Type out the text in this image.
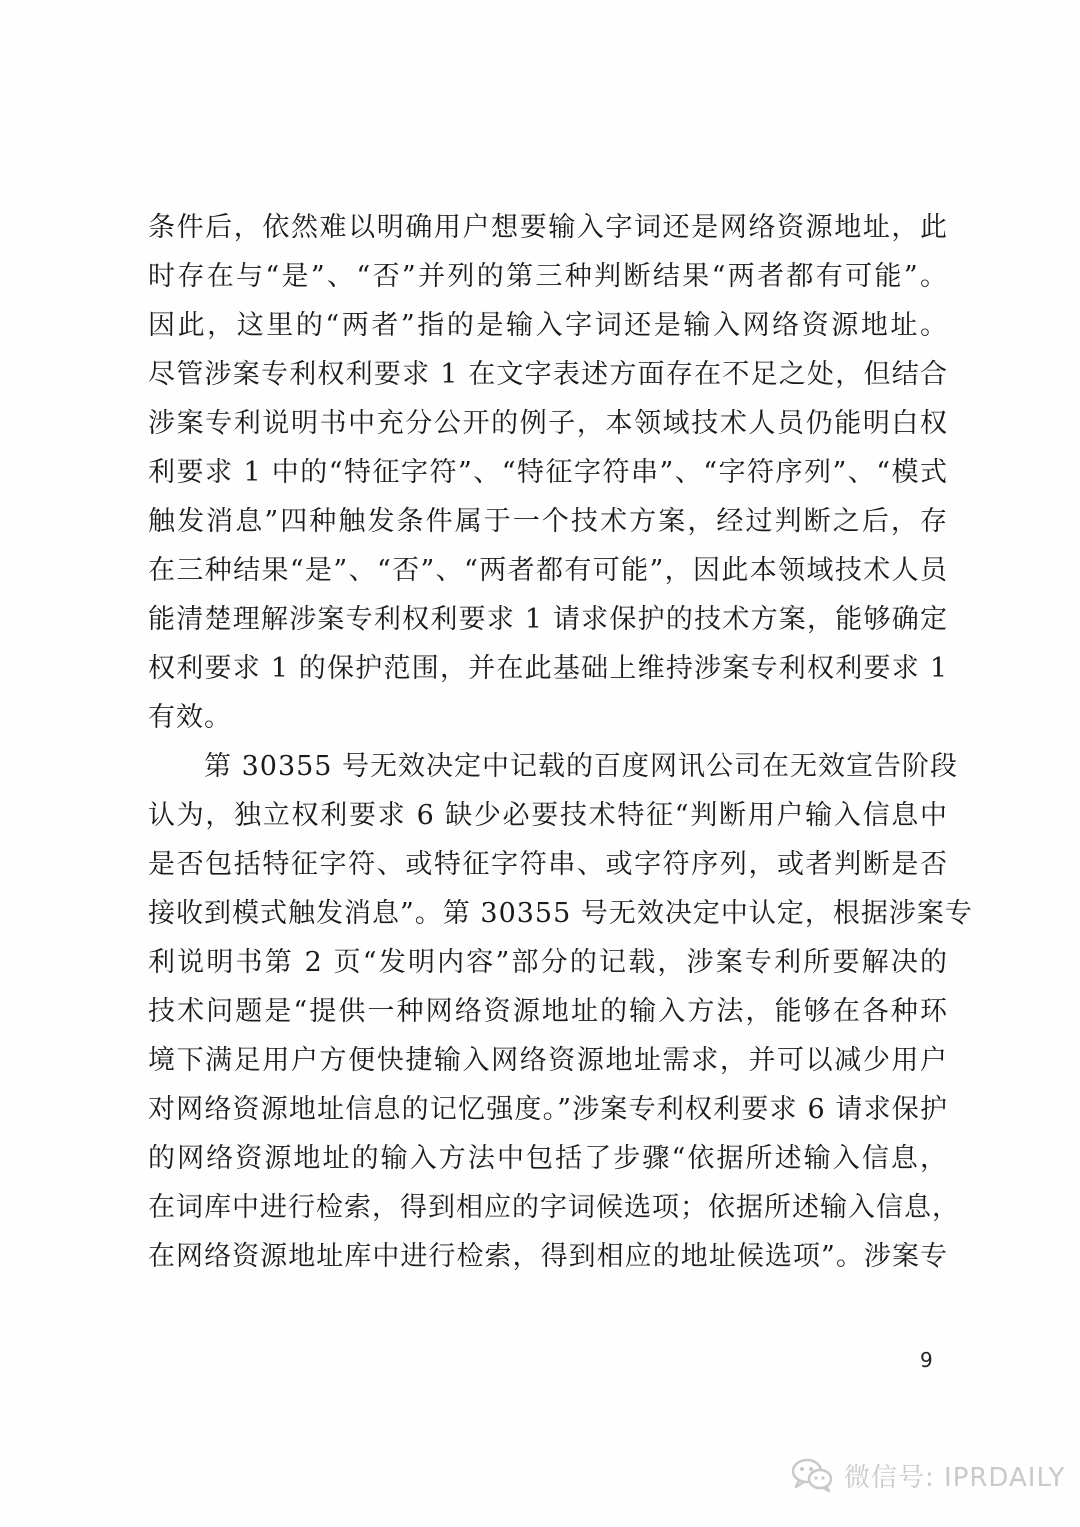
条件后，依然难以明确用户想要输入字词还是网络资源地址，此
时存在与“是”、“否”并列的第三种判断结果“两者都有可能”。
因此，这里的“两者”指的是输入字词还是输入网络资源地址。
尽管涉案专利权利要求 1 在文字表述方面存在不足之处，但结合
涉案专利说明书中充分公开的例子，本领域技术人员仍能明白权
利要求 1 中的“特征字符”、“特征字符串”、“字符序列”、“模式
触发消息”四种触发条件属于一个技术方案，经过判断之后，存
在三种结果“是”、“否”、“两者都有可能”，因此本领域技术人员
能清楚理解涉案专利权利要求 1 请求保护的技术方案，能够确定
权利要求 1 的保护范围，并在此基础上维持涉案专利权利要求 1
有效。
第 30355 号无效决定中记载的百度网讯公司在无效宣告阶段
认为，独立权利要求 6 缺少必要技术特征“判断用户输入信息中
是否包括特征字符、或特征字符串、或字符序列，或者判断是否
接收到模式触发消息”。第 30355 号无效决定中认定，根据涉案专
利说明书第 2 页“发明内容”部分的记载，涉案专利所要解决的
技术问题是“提供一种网络资源地址的输入方法，能够在各种环
境下满足用户方便快捷输入网络资源地址需求，并可以减少用户
对网络资源地址信息的记忆强度。”涉案专利权利要求 6 请求保护
的网络资源地址的输入方法中包括了步骤“依据所述输入信息，
在词库中进行检索，得到相应的字词候选项；依据所述输入信息，
在网络资源地址库中进行检索，得到相应的地址候选项”。涉案专
9
微信号: IPRDAILY
